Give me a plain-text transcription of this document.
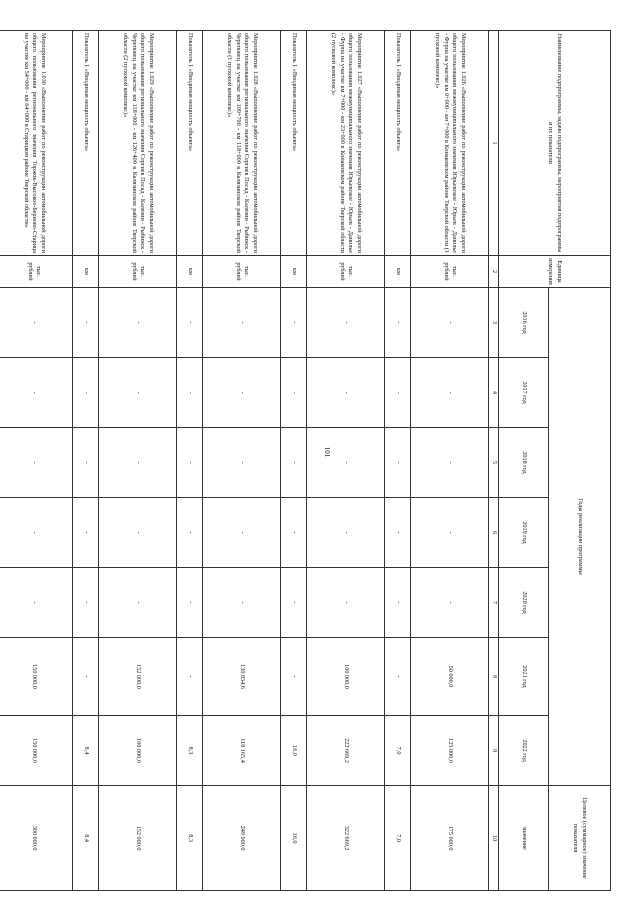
101
Наименование подпрограммы, задачи подпрограммы, мероприятия подпрограммы и их показатели	Единица измерения	Годы реализации программы							Целевое (суммарное) значение показателя
		2016 год	2017 год	2018 год	2019 год	2020 год	2021 год	2022 год	значение
1	2	3	4	5	6	7	8	9	10
Мероприятие 1.026 «Выполнение работ по реконструкции автомобильной дороги общего пользования межмуниципального значения Юрьевское - Юрьев - Данилье - Фурпа на участке км 0+000 - км 7+000 в Конаковском районе Тверской области (1 пусковой комплекс)»	тыс. рублей	-	-	-	-	-	50 000,0	125 000,0	175 000,0
Показатель 1 «Вводимая мощность объекта»	км	-	-	-	-	-	-	7,0	7,0
Мероприятие 1.027 «Выполнение работ по реконструкции автомобильной дороги общего пользования межмуниципального значения Юрьевское - Юрьев - Данилье - Фурпа на участке км 7+000 - км 23+000 в Конаковском районе Тверской области (2 пусковой комплекс)»	тыс. рублей	-	-	-	-	-	100 000,0	222 669,2	322 669,2
Показатель 1 «Вводимая мощность объекта»	км	-	-	-	-	-	-	16,0	16,0
Мероприятие 1.028 «Выполнение работ по реконструкции автомобильной дороги общего пользования регионального значения Сергиев Посад - Калязин - Рыбинск - Череповец на участке км 109+700 - км 118+000 в Калязинском районе Тверской области (1 пусковой комплекс)»	тыс. рублей	-	-	-	-	-	130 834,6	118 165,4	249 000,0
Показатель 1 «Вводимая мощность объекта»	км	-	-	-	-	-	-	8,3	8,3
Мероприятие 1.029 «Выполнение работ по реконструкции автомобильной дороги общего пользования регионального значения Сергиев Посад - Калязин - Рыбинск - Череповец на участке км 118+000 - км 126+400 в Калязинском районе Тверской области (2 пусковой комплекс)»	тыс. рублей	-	-	-	-	-	152 000,0	100 000,0	152 000,0
Показатель 1 «Вводимая мощность объекта»	км	-	-	-	-	-	-	8,4	8,4
Мероприятие 1.030 «Выполнение работ по реконструкции автомобильной дороги общего пользования регионального значения Торжок-Высокое-Берново-Старица на участке км 54+000 - км 64+000 в Старицком районе Тверской области»	тыс. рублей	-	-	-	-	-	150 000,0	150 000,0	300 000,0
